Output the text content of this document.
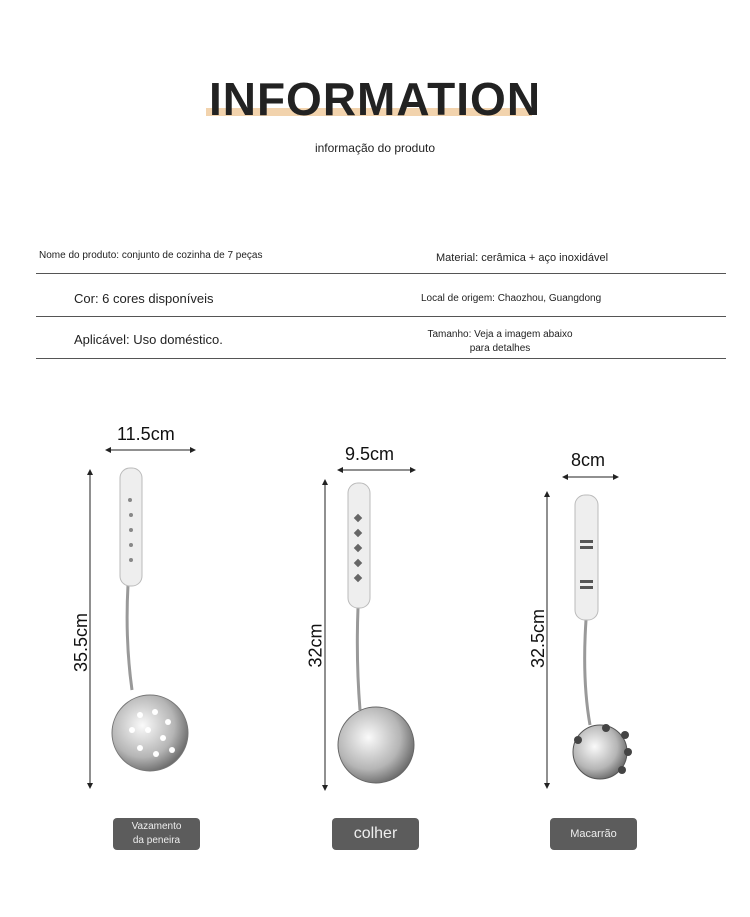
INFORMATION
informação do produto
Nome do produto: conjunto de cozinha de 7 peças	Material: cerâmica + aço inoxidável
Cor: 6 cores disponíveis	Local de origem: Chaozhou, Guangdong
Aplicável: Uso doméstico.	Tamanho: Veja a imagem abaixo para detalhes
11.5cm
35.5cm
9.5cm
32cm
8cm
32.5cm
Vazamento da peneira	colher	Macarrão
